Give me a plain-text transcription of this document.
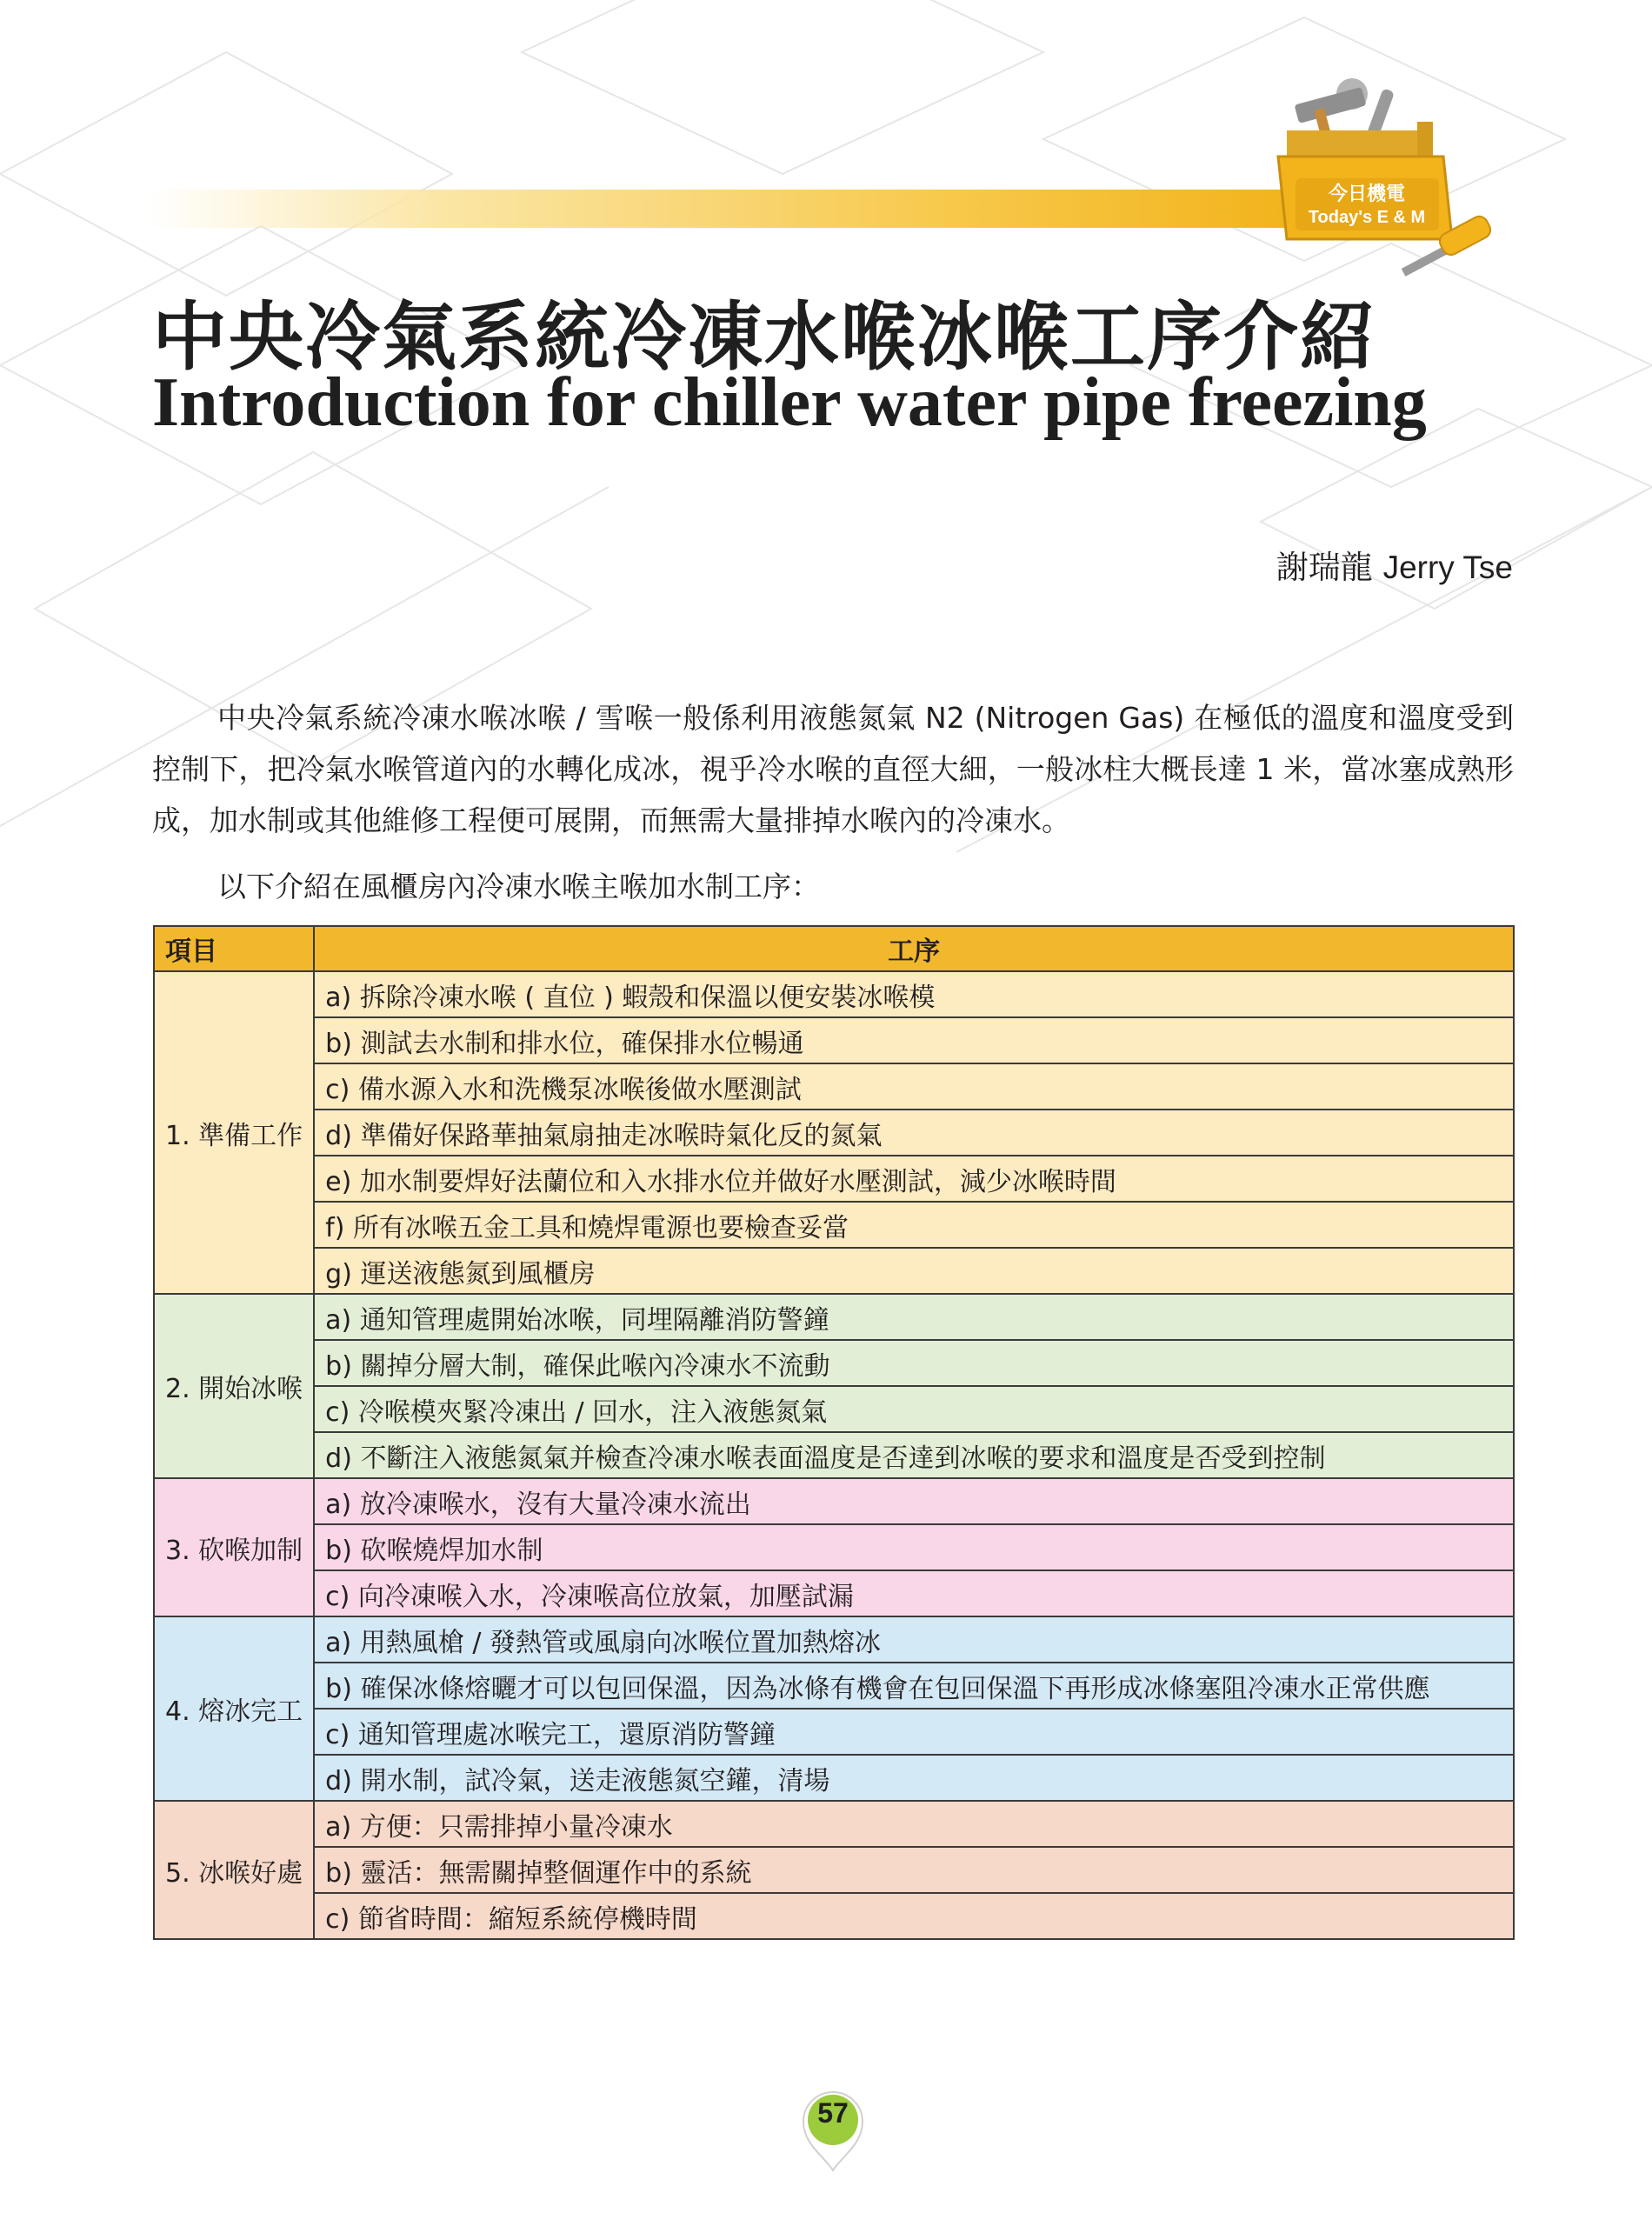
今日機電
Today's E & M
中央冷氣系統冷凍水喉冰喉工序介紹
Introduction for chiller water pipe freezing
謝瑞龍 Jerry Tse

中央冷氣系統冷凍水喉冰喉 / 雪喉一般係利用液態氮氣 N2 (Nitrogen Gas) 在極低的溫度和溫度受到控制下，把冷氣水喉管道內的水轉化成冰，視乎冷水喉的直徑大細，一般冰柱大概長達 1 米，當冰塞成熟形成，加水制或其他維修工程便可展開，而無需大量排掉水喉內的冷凍水。

以下介紹在風櫃房內冷凍水喉主喉加水制工序：

項目	工序
1. 準備工作	a) 拆除冷凍水喉 ( 直位 ) 蝦殼和保溫以便安裝冰喉模
	b) 測試去水制和排水位，確保排水位暢通
	c) 備水源入水和洗機泵冰喉後做水壓測試
	d) 準備好保路華抽氣扇抽走冰喉時氣化反的氮氣
	e) 加水制要焊好法蘭位和入水排水位并做好水壓測試，減少冰喉時間
	f) 所有冰喉五金工具和燒焊電源也要檢查妥當
	g) 運送液態氮到風櫃房
2. 開始冰喉	a) 通知管理處開始冰喉，同埋隔離消防警鐘
	b) 關掉分層大制，確保此喉內冷凍水不流動
	c) 冷喉模夾緊冷凍出 / 回水，注入液態氮氣
	d) 不斷注入液態氮氣并檢查冷凍水喉表面溫度是否達到冰喉的要求和溫度是否受到控制
3. 砍喉加制	a) 放冷凍喉水，沒有大量冷凍水流出
	b) 砍喉燒焊加水制
	c) 向冷凍喉入水，冷凍喉高位放氣，加壓試漏
4. 熔冰完工	a) 用熱風槍 / 發熱管或風扇向冰喉位置加熱熔冰
	b) 確保冰條熔曬才可以包回保溫，因為冰條有機會在包回保溫下再形成冰條塞阻冷凍水正常供應
	c) 通知管理處冰喉完工，還原消防警鐘
	d) 開水制，試冷氣，送走液態氮空鑵，清場
5. 冰喉好處	a) 方便：只需排掉小量冷凍水
	b) 靈活：無需關掉整個運作中的系統
	c) 節省時間：縮短系統停機時間
57
